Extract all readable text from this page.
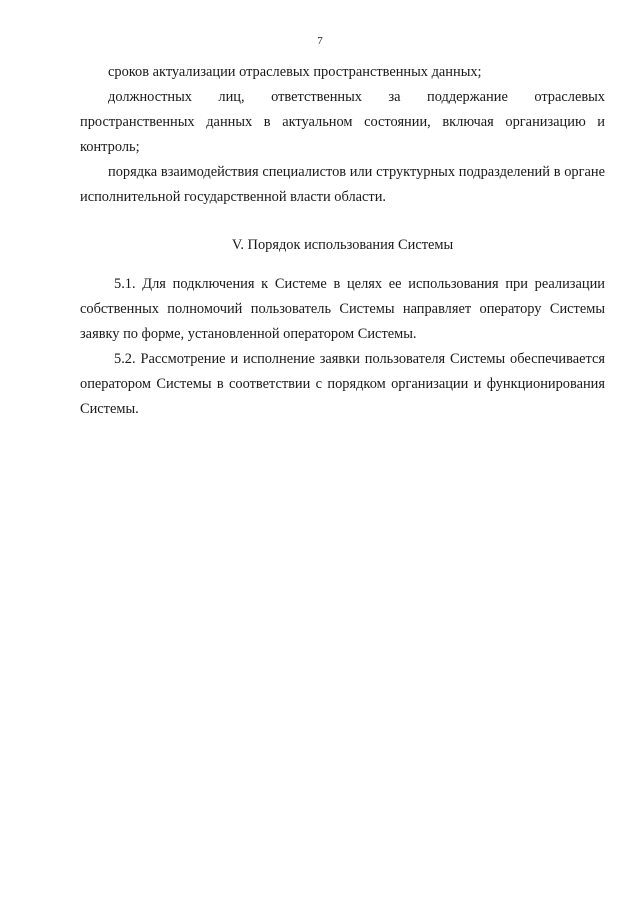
7

сроков актуализации отраслевых пространственных данных;

должностных лиц, ответственных за поддержание отраслевых пространственных данных в актуальном состоянии, включая организацию и контроль;

порядка взаимодействия специалистов или структурных подразделений в органе исполнительной государственной власти области.

V. Порядок использования Системы

5.1. Для подключения к Системе в целях ее использования при реализации собственных полномочий пользователь Системы направляет оператору Системы заявку по форме, установленной оператором Системы.

5.2. Рассмотрение и исполнение заявки пользователя Системы обеспечивается оператором Системы в соответствии с порядком организации и функционирования Системы.
